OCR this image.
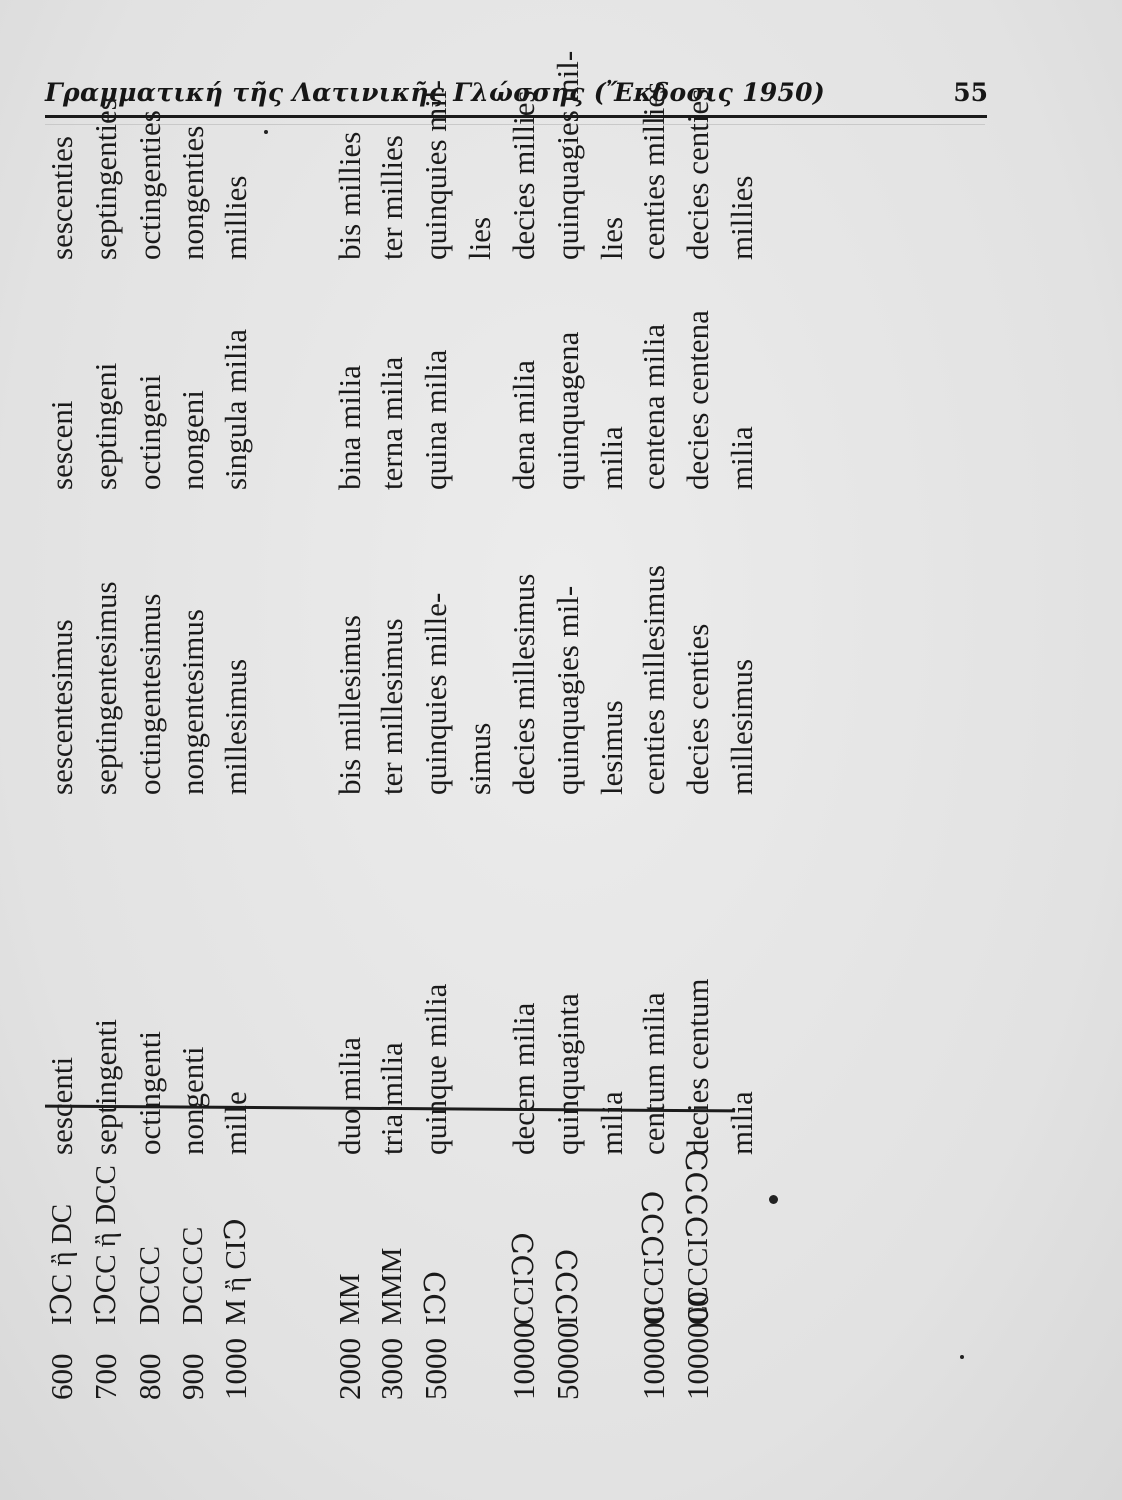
Γραμματική τῆς Λατινικῆς Γλώσσης (Ἔκδοσις 1950)	55
600
IↃC ἢ DC
sescenti
sescentesimus
sesceni
sescenties
700
IↃCC ἢ DCC
septingenti
septingentesimus
septingeni
septingenties
800
DCCC
octingenti
octingentesimus
octingeni
octingenties
900
DCCCC
nongenti
nongentesimus
nongeni
nongenties
1000
M ἢ CIↃ
mille
millesimus
singula milia
millies
2000
MM
duo milia
bis millesimus
bina milia
bis millies
3000
MMM
tria milia
ter millesimus
terna milia
ter millies
5000
IↃↃ
quinque milia
quinquies mille-
quina milia
quinquies mil-
simus
lies
10000
CCIↃↃ
decem milia
decies millesimus
dena milia
decies millies
50000
IↃↃↃ
quinquaginta
quinquagies mil-
quinquagena
quinquagies mil-
milia
lesimus
milia
lies
100000
CCCIↃↃↃ
centum milia
centies millesimus
centena milia
centies millies
1000000
CCCCIↃↃↃↃ
decies centum
decies centies
decies centena
decies centies
milia
millesimus
milia
millies
